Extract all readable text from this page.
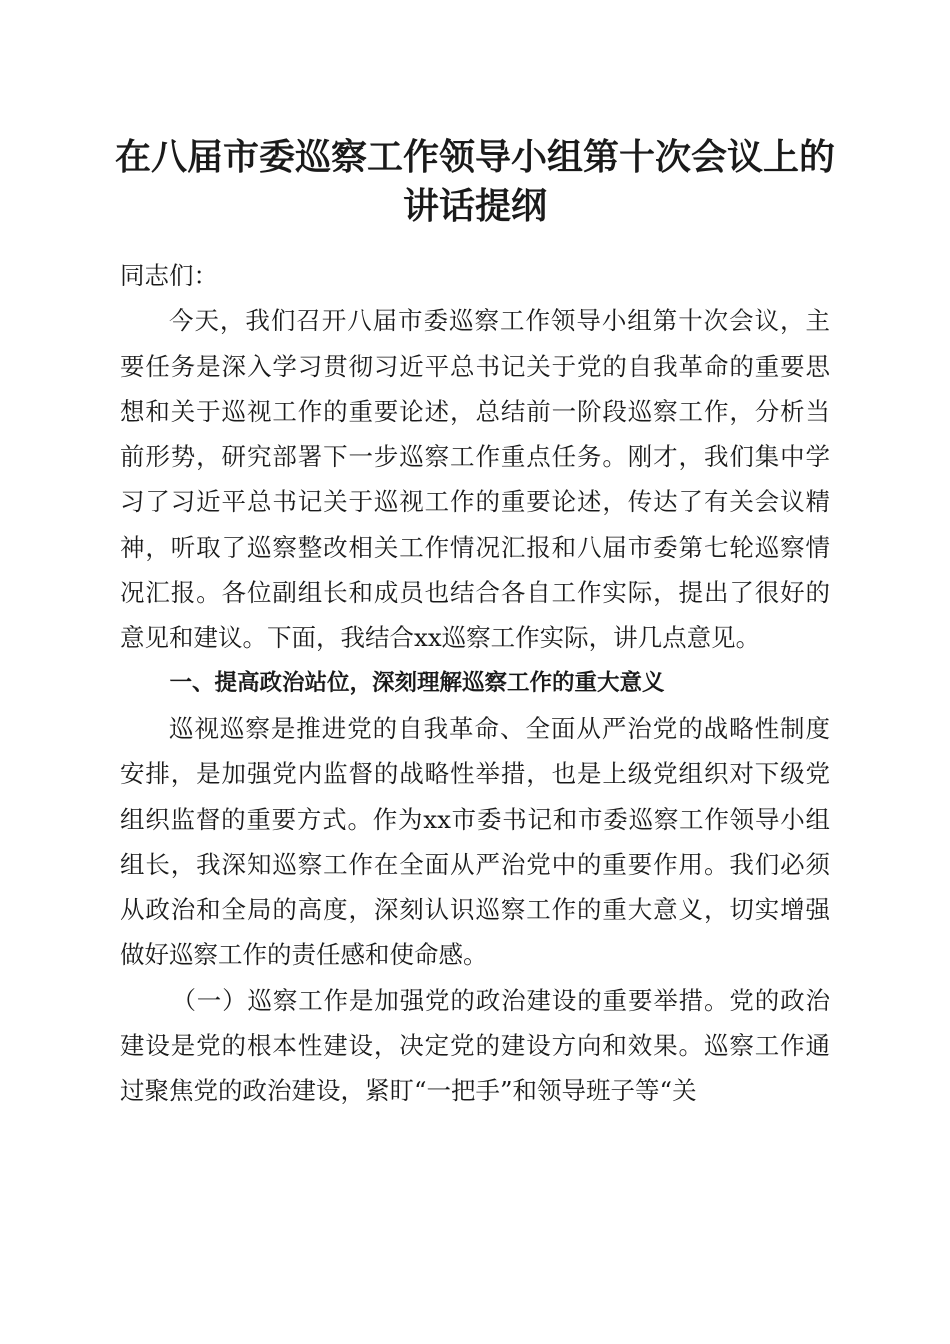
在八届市委巡察工作领导小组第十次会议上的
讲话提纲

同志们：

今天，我们召开八届市委巡察工作领导小组第十次会议，主要任务是深入学习贯彻习近平总书记关于党的自我革命的重要思想和关于巡视工作的重要论述，总结前一阶段巡察工作，分析当前形势，研究部署下一步巡察工作重点任务。刚才，我们集中学习了习近平总书记关于巡视工作的重要论述，传达了有关会议精神，听取了巡察整改相关工作情况汇报和八届市委第七轮巡察情况汇报。各位副组长和成员也结合各自工作实际，提出了很好的意见和建议。下面，我结合xx巡察工作实际，讲几点意见。

一、提高政治站位，深刻理解巡察工作的重大意义

巡视巡察是推进党的自我革命、全面从严治党的战略性制度安排，是加强党内监督的战略性举措，也是上级党组织对下级党组织监督的重要方式。作为xx市委书记和市委巡察工作领导小组组长，我深知巡察工作在全面从严治党中的重要作用。我们必须从政治和全局的高度，深刻认识巡察工作的重大意义，切实增强做好巡察工作的责任感和使命感。

（一）巡察工作是加强党的政治建设的重要举措。党的政治建设是党的根本性建设，决定党的建设方向和效果。巡察工作通过聚焦党的政治建设，紧盯“一把手”和领导班子等“关
